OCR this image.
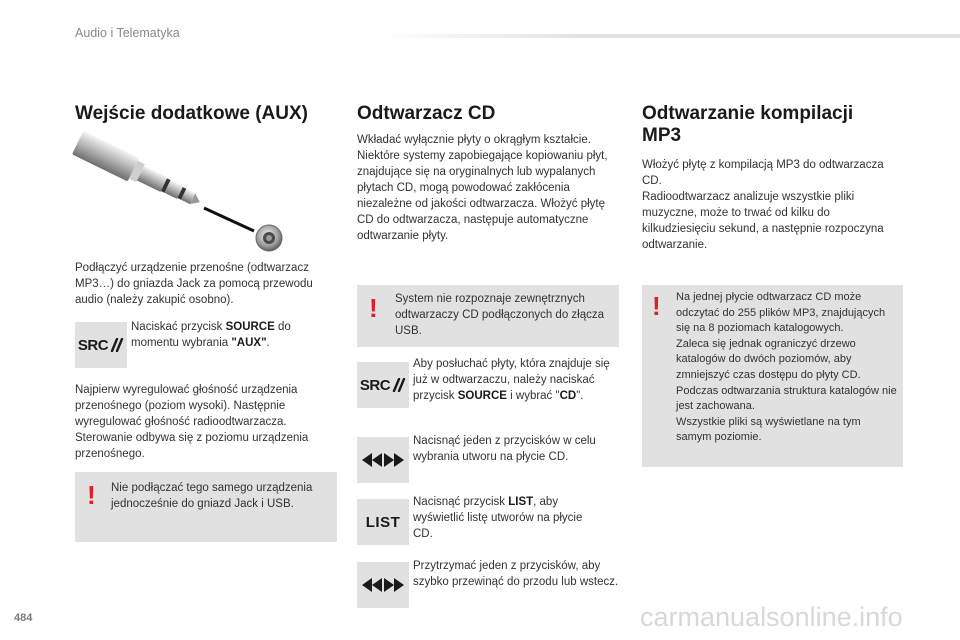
Audio i Telematyka
Wejście dodatkowe (AUX)

Podłączyć urządzenie przenośne (odtwarzacz MP3…) do gniazda Jack za pomocą przewodu audio (należy zakupić osobno).

SRC

Naciskać przycisk SOURCE do momentu wybrania "AUX".

Najpierw wyregulować głośność urządzenia przenośnego (poziom wysoki). Następnie wyregulować głośność radioodtwarzacza. Sterowanie odbywa się z poziomu urządzenia przenośnego.

! Nie podłączać tego samego urządzenia jednocześnie do gniazd Jack i USB.

Odtwarzacz CD

Wkładać wyłącznie płyty o okrągłym kształcie. Niektóre systemy zapobiegające kopiowaniu płyt, znajdujące się na oryginalnych lub wypalanych płytach CD, mogą powodować zakłócenia niezależne od jakości odtwarzacza. Włożyć płytę CD do odtwarzacza, następuje automatyczne odtwarzanie płyty.

! System nie rozpoznaje zewnętrznych odtwarzaczy CD podłączonych do złącza USB.

SRC

Aby posłuchać płyty, która znajduje się już w odtwarzaczu, należy naciskać przycisk SOURCE i wybrać "CD".

Nacisnąć jeden z przycisków w celu wybrania utworu na płycie CD.

LIST

Nacisnąć przycisk LIST, aby wyświetlić listę utworów na płycie CD.

Przytrzymać jeden z przycisków, aby szybko przewinąć do przodu lub wstecz.

Odtwarzanie kompilacji MP3

Włożyć płytę z kompilacją MP3 do odtwarzacza CD.
Radioodtwarzacz analizuje wszystkie pliki muzyczne, może to trwać od kilku do kilkudziesięciu sekund, a następnie rozpoczyna odtwarzanie.

! Na jednej płycie odtwarzacz CD może odczytać do 255 plików MP3, znajdujących się na 8 poziomach katalogowych.
Zaleca się jednak ograniczyć drzewo katalogów do dwóch poziomów, aby zmniejszyć czas dostępu do płyty CD.
Podczas odtwarzania struktura katalogów nie jest zachowana.
Wszystkie pliki są wyświetlane na tym samym poziomie.

484	carmanualsonline.info
